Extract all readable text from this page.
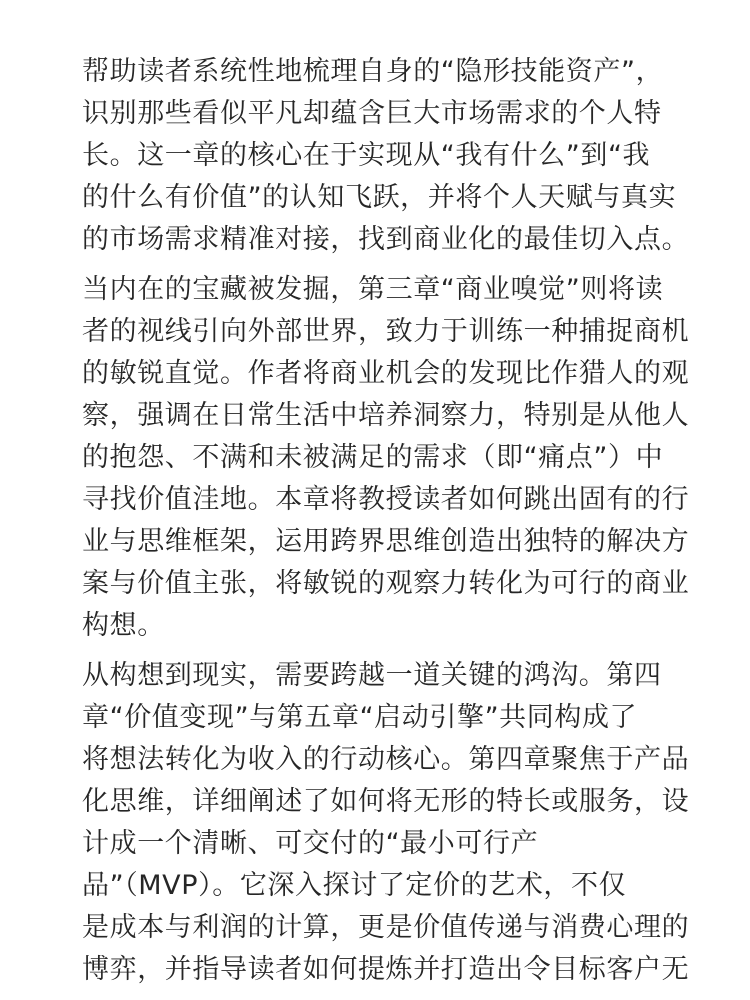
帮助读者系统性地梳理自身的“隐形技能资产”，
识别那些看似平凡却蕴含巨大市场需求的个人特
长。这一章的核心在于实现从“我有什么”到“我
的什么有价值”的认知飞跃，并将个人天赋与真实
的市场需求精准对接，找到商业化的最佳切入点。
当内在的宝藏被发掘，第三章“商业嗅觉”则将读
者的视线引向外部世界，致力于训练一种捕捉商机
的敏锐直觉。作者将商业机会的发现比作猎人的观
察，强调在日常生活中培养洞察力，特别是从他人
的抱怨、不满和未被满足的需求（即“痛点”）中
寻找价值洼地。本章将教授读者如何跳出固有的行
业与思维框架，运用跨界思维创造出独特的解决方
案与价值主张，将敏锐的观察力转化为可行的商业
构想。
从构想到现实，需要跨越一道关键的鸿沟。第四
章“价值变现”与第五章“启动引擎”共同构成了
将想法转化为收入的行动核心。第四章聚焦于产品
化思维，详细阐述了如何将无形的特长或服务，设
计成一个清晰、可交付的“最小可行产
品”（MVP）。它深入探讨了定价的艺术，不仅
是成本与利润的计算，更是价值传递与消费心理的
博弈，并指导读者如何提炼并打造出令目标客户无
